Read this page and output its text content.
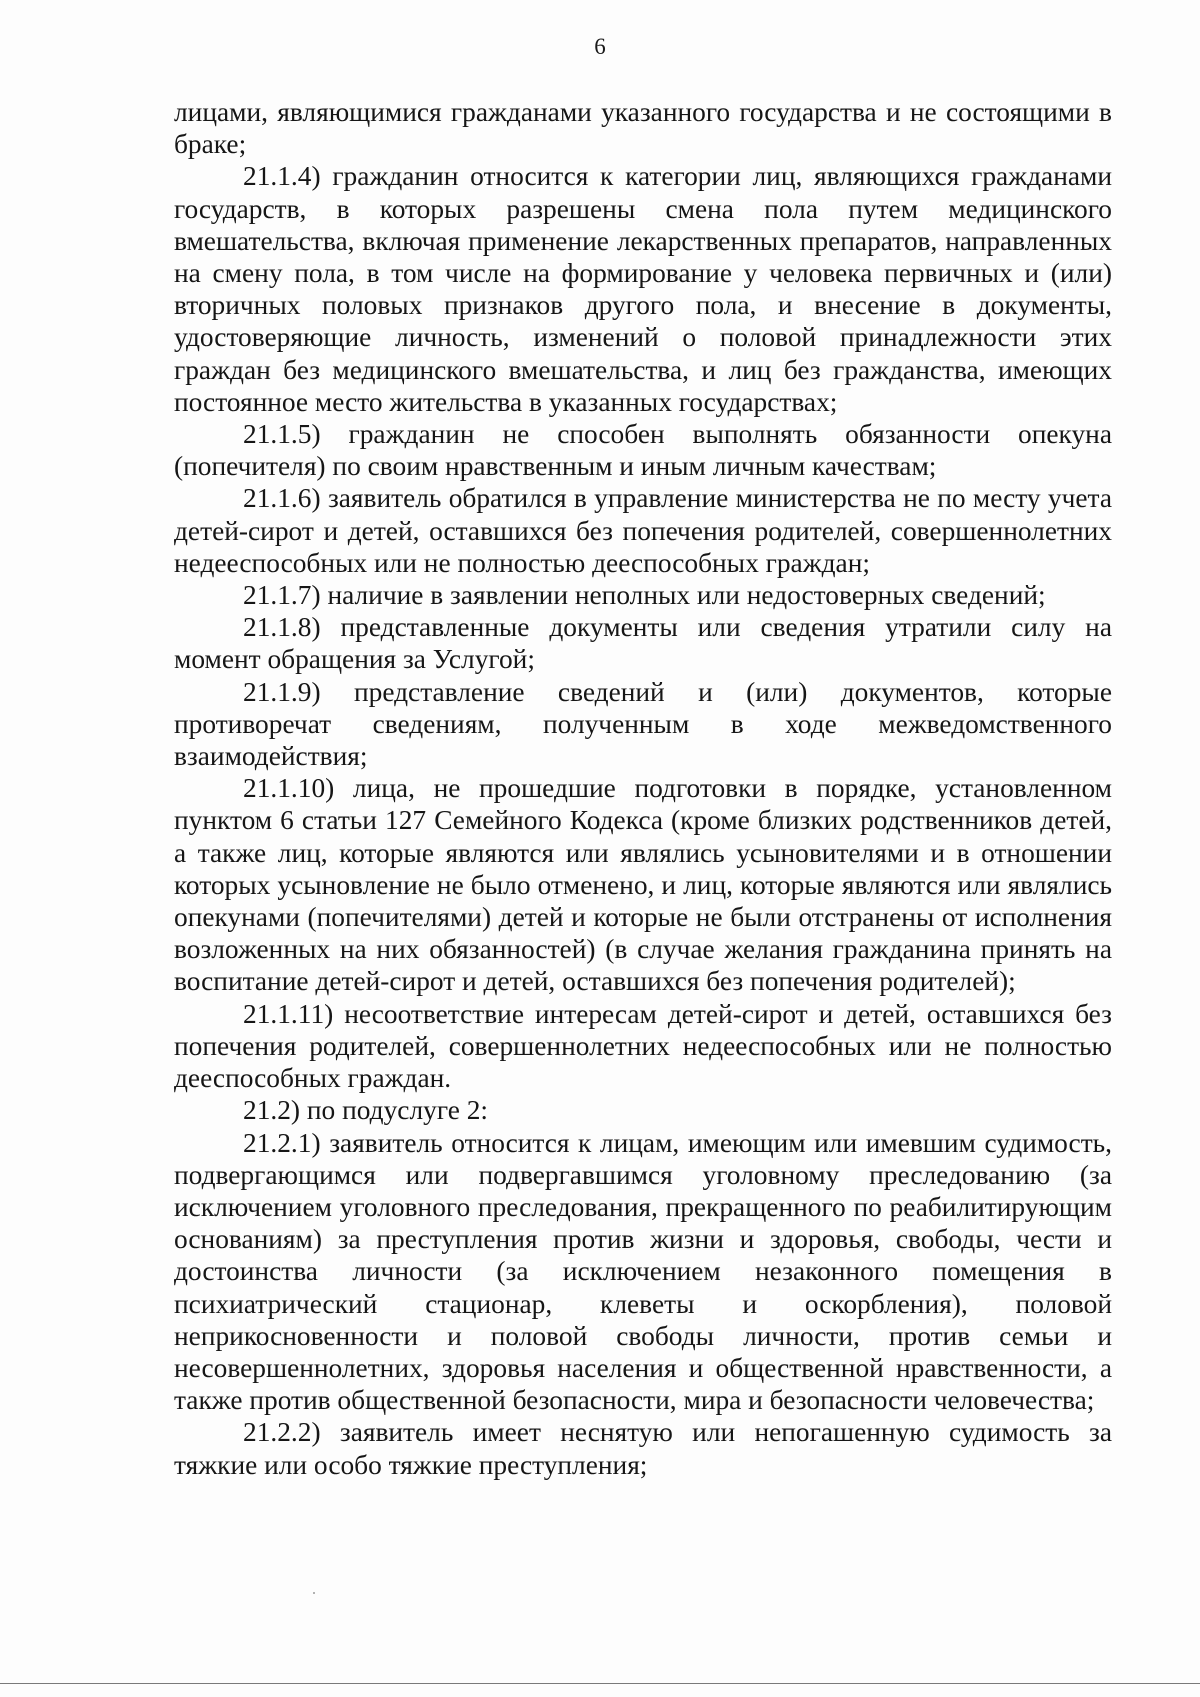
6

лицами, являющимися гражданами указанного государства и не состоящими в браке;

21.1.4) гражданин относится к категории лиц, являющихся гражданами государств, в которых разрешены смена пола путем медицинского вмешательства, включая применение лекарственных препаратов, направленных на смену пола, в том числе на формирование у человека первичных и (или) вторичных половых признаков другого пола, и внесение в документы, удостоверяющие личность, изменений о половой принадлежности этих граждан без медицинского вмешательства, и лиц без гражданства, имеющих постоянное место жительства в указанных государствах;

21.1.5) гражданин не способен выполнять обязанности опекуна (попечителя) по своим нравственным и иным личным качествам;

21.1.6) заявитель обратился в управление министерства не по месту учета детей-сирот и детей, оставшихся без попечения родителей, совершеннолетних недееспособных или не полностью дееспособных граждан;

21.1.7) наличие в заявлении неполных или недостоверных сведений;

21.1.8) представленные документы или сведения утратили силу на момент обращения за Услугой;

21.1.9) представление сведений и (или) документов, которые противоречат сведениям, полученным в ходе межведомственного взаимодействия;

21.1.10) лица, не прошедшие подготовки в порядке, установленном пунктом 6 статьи 127 Семейного Кодекса (кроме близких родственников детей, а также лиц, которые являются или являлись усыновителями и в отношении которых усыновление не было отменено, и лиц, которые являются или являлись опекунами (попечителями) детей и которые не были отстранены от исполнения возложенных на них обязанностей) (в случае желания гражданина принять на воспитание детей-сирот и детей, оставшихся без попечения родителей);

21.1.11) несоответствие интересам детей-сирот и детей, оставшихся без попечения родителей, совершеннолетних недееспособных или не полностью дееспособных граждан.

21.2) по подуслуге 2:

21.2.1) заявитель относится к лицам, имеющим или имевшим судимость, подвергающимся или подвергавшимся уголовному преследованию (за исключением уголовного преследования, прекращенного по реабилитирующим основаниям) за преступления против жизни и здоровья, свободы, чести и достоинства личности (за исключением незаконного помещения в психиатрический стационар, клеветы и оскорбления), половой неприкосновенности и половой свободы личности, против семьи и несовершеннолетних, здоровья населения и общественной нравственности, а также против общественной безопасности, мира и безопасности человечества;

21.2.2) заявитель имеет неснятую или непогашенную судимость за тяжкие или особо тяжкие преступления;
